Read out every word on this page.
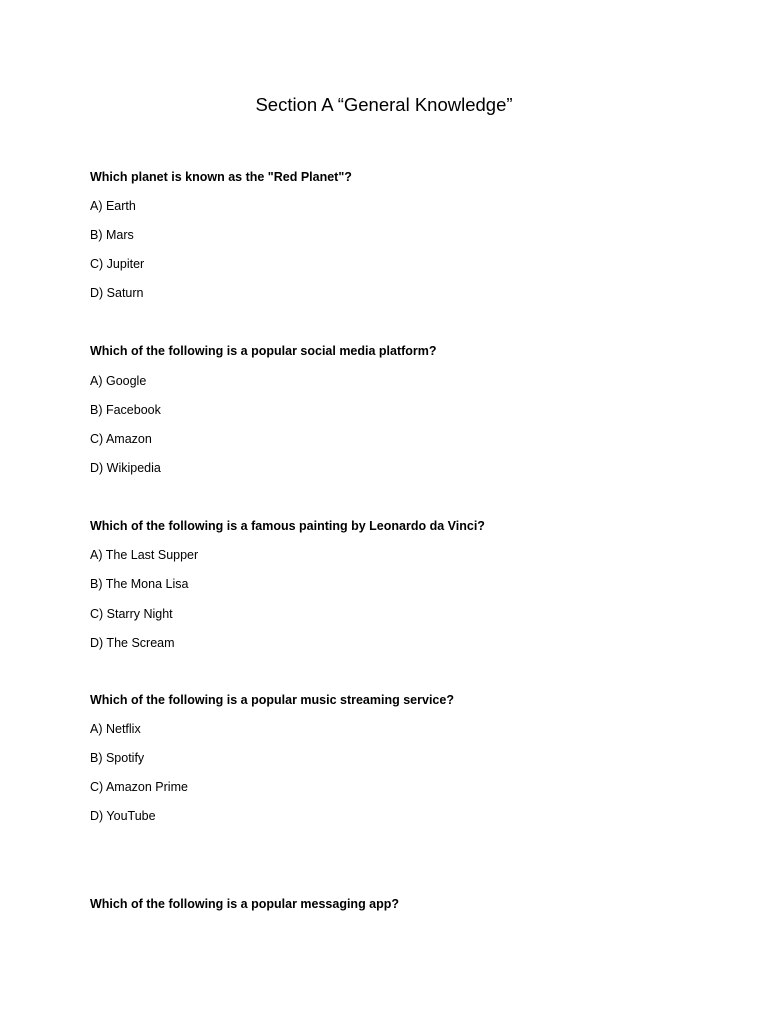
Section A “General Knowledge”

Which planet is known as the "Red Planet"?

A) Earth

B) Mars

C) Jupiter

D) Saturn

Which of the following is a popular social media platform?

A) Google

B) Facebook

C) Amazon

D) Wikipedia

Which of the following is a famous painting by Leonardo da Vinci?

A) The Last Supper

B) The Mona Lisa

C) Starry Night

D) The Scream

Which of the following is a popular music streaming service?

A) Netflix

B) Spotify

C) Amazon Prime

D) YouTube

Which of the following is a popular messaging app?
